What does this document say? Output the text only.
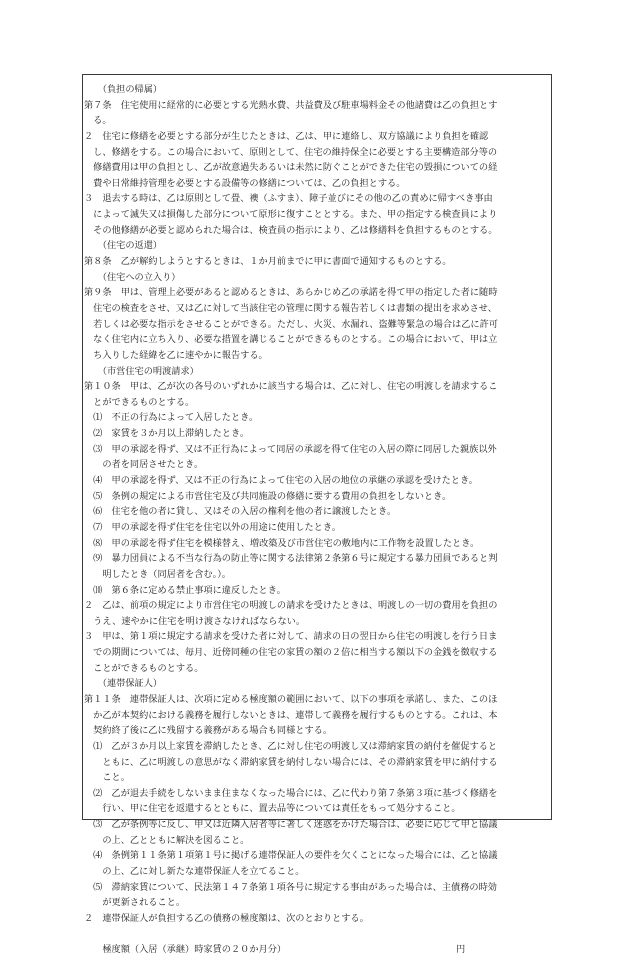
　　（負担の帰属）
第７条　住宅使用に経常的に必要とする光熱水費、共益費及び駐車場料金その他諸費は乙の負担とす
　る。
２　住宅に修繕を必要とする部分が生じたときは、乙は、甲に連絡し、双方協議により負担を確認
　し、修繕をする。この場合において、原則として、住宅の維持保全に必要とする主要構造部分等の
　修繕費用は甲の負担とし、乙が故意過失あるいは未然に防ぐことができた住宅の毀損についての経
　費や日常維持管理を必要とする設備等の修繕については、乙の負担とする。
３　退去する時は、乙は原則として畳、襖（ふすま）、障子並びにその他の乙の責めに帰すべき事由
　によって滅失又は損傷した部分について原形に復すこととする。また、甲の指定する検査員により
　その他修繕が必要と認められた場合は、検査員の指示により、乙は修繕料を負担するものとする。
　　（住宅の返還）
第８条　乙が解約しようとするときは、１か月前までに甲に書面で通知するものとする。
　　（住宅への立入り）
第９条　甲は、管理上必要があると認めるときは、あらかじめ乙の承諾を得て甲の指定した者に随時
　住宅の検査をさせ、又は乙に対して当該住宅の管理に関する報告若しくは書類の提出を求めさせ、
　若しくは必要な指示をさせることができる。ただし、火災、水漏れ、盗難等緊急の場合は乙に許可
　なく住宅内に立ち入り、必要な措置を講じることができるものとする。この場合において、甲は立
　ち入りした経緯を乙に速やかに報告する。
　　（市営住宅の明渡請求）
第１０条　甲は、乙が次の各号のいずれかに該当する場合は、乙に対し、住宅の明渡しを請求するこ
　とができるものとする。
　⑴　不正の行為によって入居したとき。
　⑵　家賃を３か月以上滞納したとき。
　⑶　甲の承認を得ず、又は不正行為によって同居の承認を得て住宅の入居の際に同居した親族以外
　　の者を同居させたとき。
　⑷　甲の承認を得ず、又は不正の行為によって住宅の入居の地位の承継の承認を受けたとき。
　⑸　条例の規定による市営住宅及び共同施設の修繕に要する費用の負担をしないとき。
　⑹　住宅を他の者に貸し、又はその入居の権利を他の者に譲渡したとき。
　⑺　甲の承認を得ず住宅を住宅以外の用途に使用したとき。
　⑻　甲の承認を得ず住宅を模様替え、増改築及び市営住宅の敷地内に工作物を設置したとき。
　⑼　暴力団員による不当な行為の防止等に関する法律第２条第６号に規定する暴力団員であると判
　　明したとき（同居者を含む。）。
　⑽　第６条に定める禁止事項に違反したとき。
２　乙は、前項の規定により市営住宅の明渡しの請求を受けたときは、明渡しの一切の費用を負担の
　うえ、速やかに住宅を明け渡さなければならない。
３　甲は、第１項に規定する請求を受けた者に対して、請求の日の翌日から住宅の明渡しを行う日ま
　での期間については、毎月、近傍同種の住宅の家賃の額の２倍に相当する額以下の金銭を徴収する
　ことができるものとする。
　　（連帯保証人）
第１１条　連帯保証人は、次項に定める極度額の範囲において、以下の事項を承諾し、また、このほ
　か乙が本契約における義務を履行しないときは、連帯して義務を履行するものとする。これは、本
　契約終了後に乙に残留する義務がある場合も同様とする。
　⑴　乙が３か月以上家賃を滞納したとき、乙に対し住宅の明渡し又は滞納家賃の納付を催促すると
　　ともに、乙に明渡しの意思がなく滞納家賃を納付しない場合には、その滞納家賃を甲に納付する
　　こと。
　⑵　乙が退去手続をしないまま住まなくなった場合には、乙に代わり第７条第３項に基づく修繕を
　　行い、甲に住宅を返還するとともに、置去品等については責任をもって処分すること。
　⑶　乙が条例等に反し、甲又は近隣入居者等に著しく迷惑をかけた場合は、必要に応じて甲と協議
　　の上、乙とともに解決を図ること。
　⑷　条例第１１条第１項第１号に掲げる連帯保証人の要件を欠くことになった場合には、乙と協議
　　の上、乙に対し新たな連帯保証人を立てること。
　⑸　滞納家賃について、民法第１４７条第１項各号に規定する事由があった場合は、主債務の時効
　　が更新されること。
２　連帯保証人が負担する乙の債務の極度額は、次のとおりとする。
　　極度額（入居（承継）時家賃の２０か月分）	円
